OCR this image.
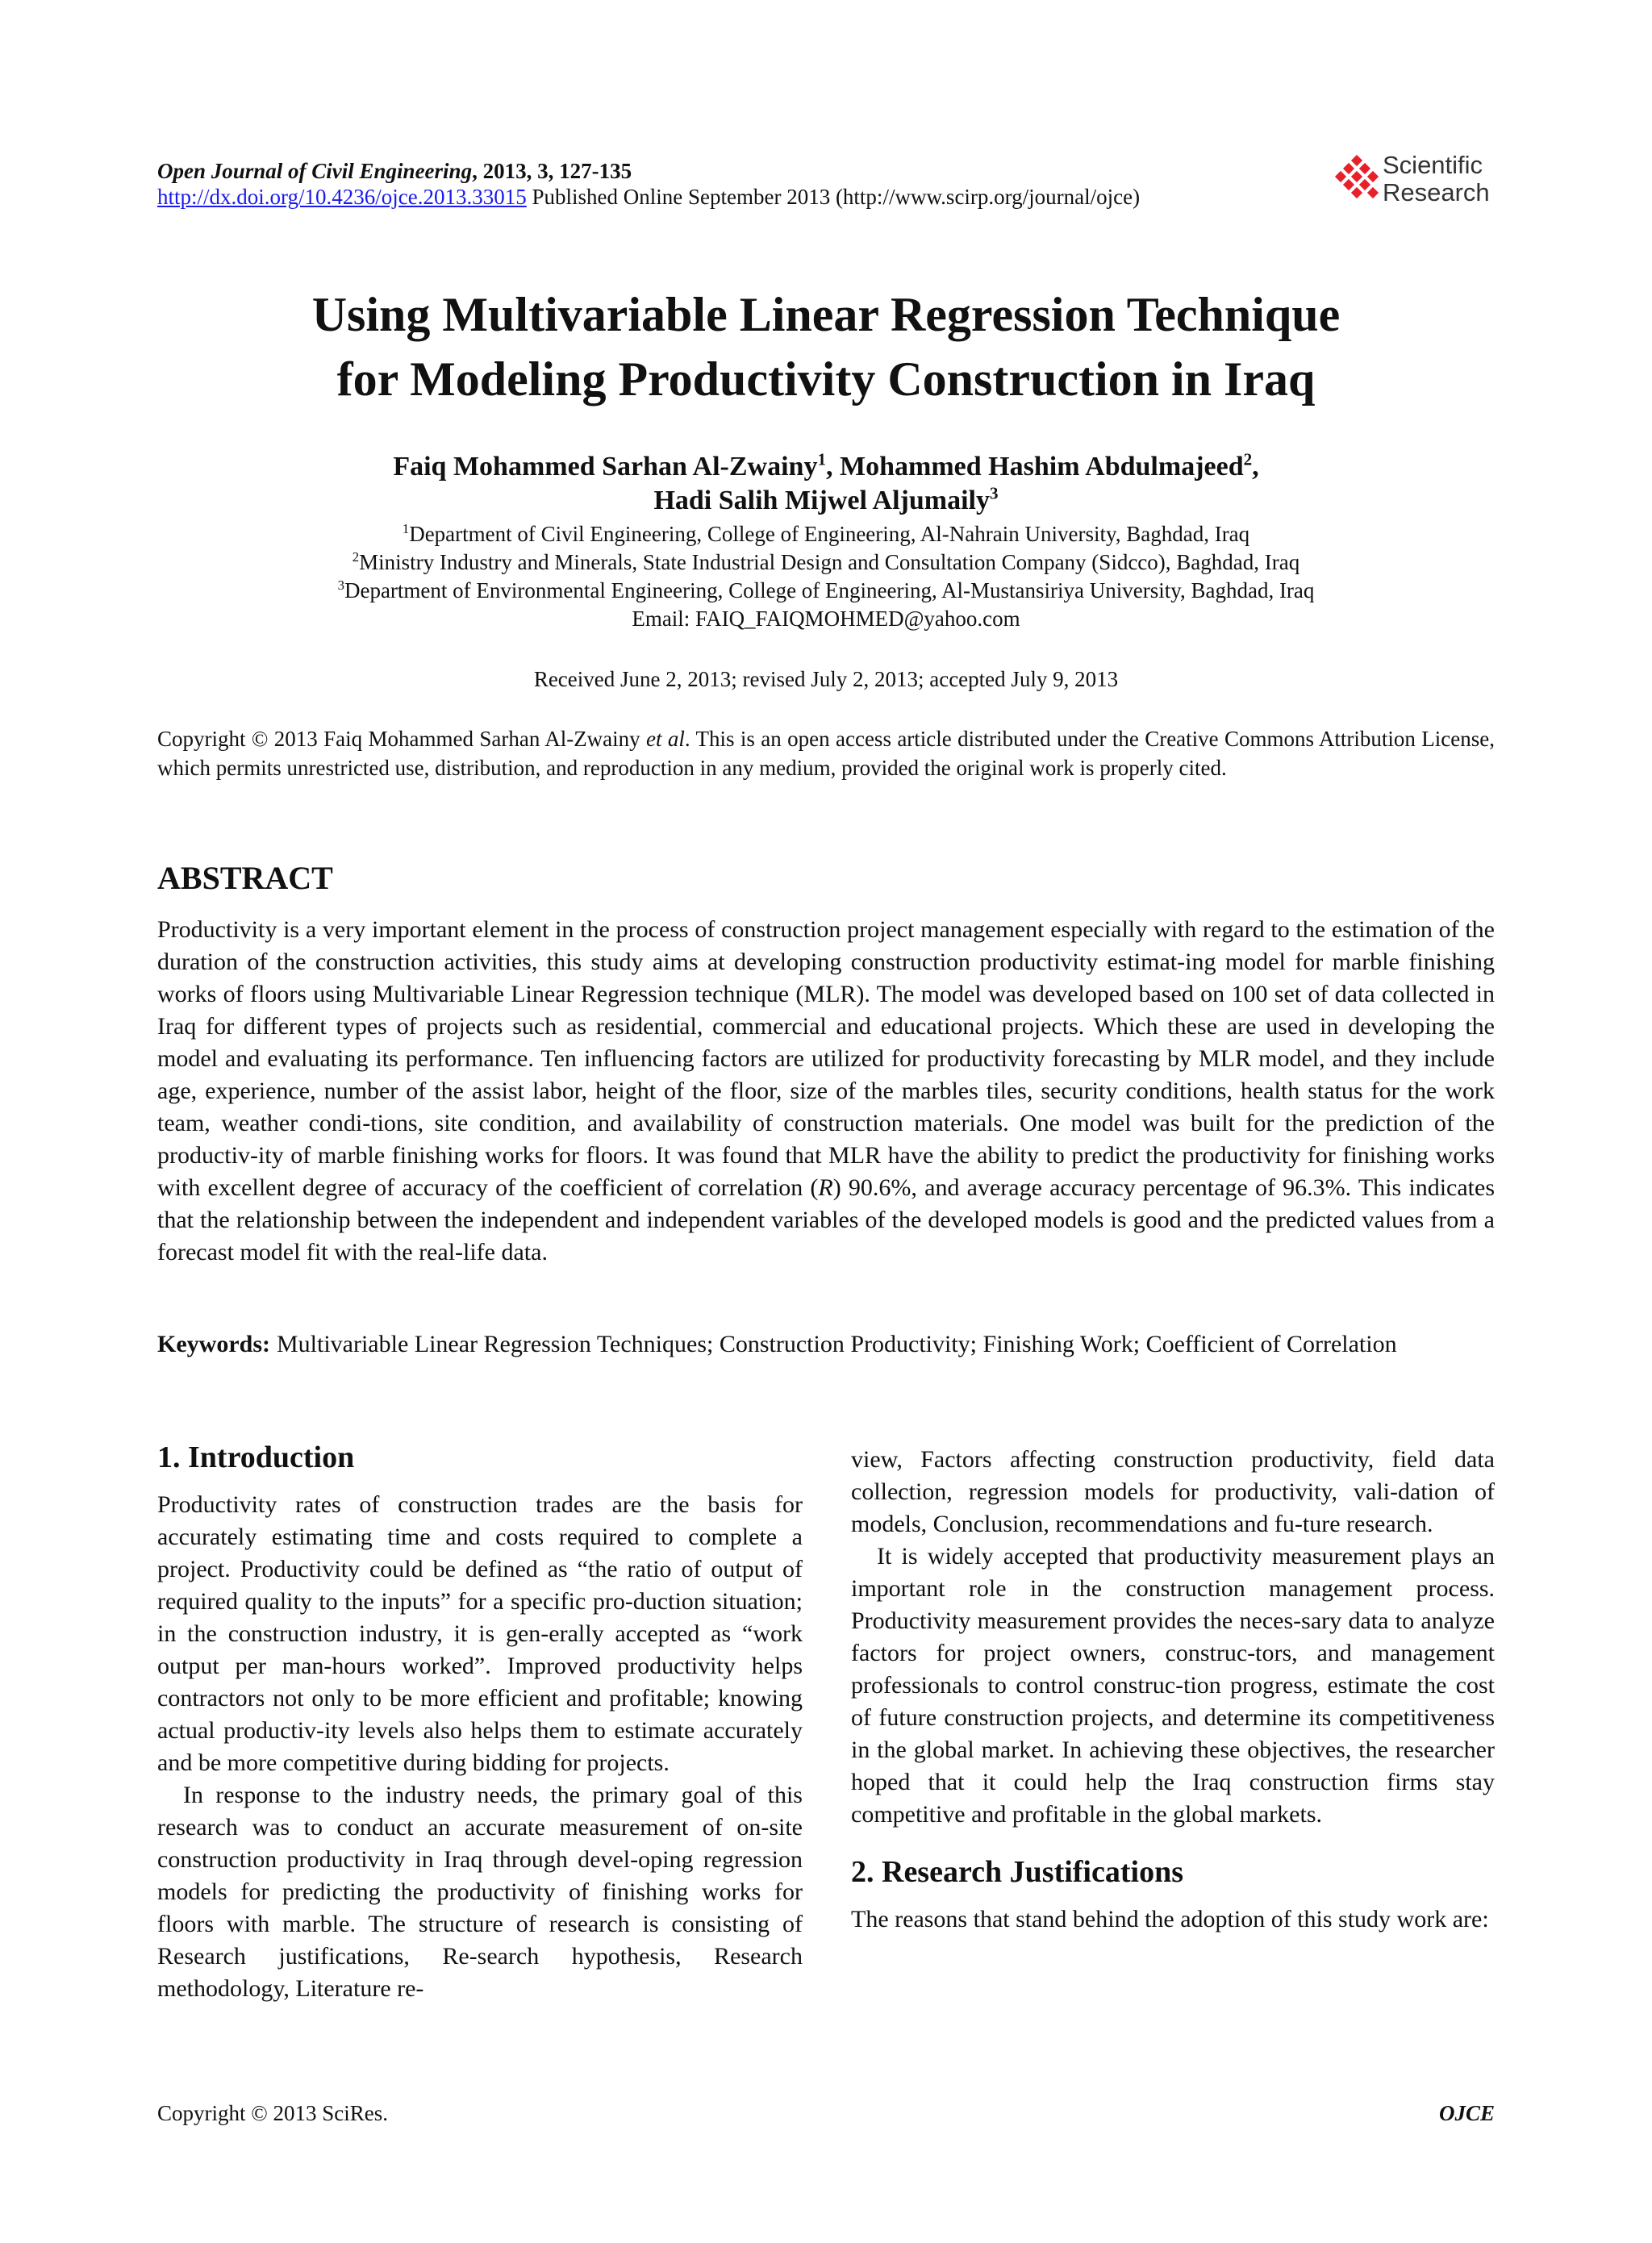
Open Journal of Civil Engineering, 2013, 3, 127-135
http://dx.doi.org/10.4236/ojce.2013.33015 Published Online September 2013 (http://www.scirp.org/journal/ojce)
Scientific
Research
Using Multivariable Linear Regression Technique
for Modeling Productivity Construction in Iraq
Faiq Mohammed Sarhan Al-Zwainy$^1$, Mohammed Hashim Abdulmajeed$^2$,
Hadi Salih Mijwel Aljumaily$^3$
$^1$Department of Civil Engineering, College of Engineering, Al-Nahrain University, Baghdad, Iraq
$^2$Ministry Industry and Minerals, State Industrial Design and Consultation Company (Sidcco), Baghdad, Iraq
$^3$Department of Environmental Engineering, College of Engineering, Al-Mustansiriya University, Baghdad, Iraq
Email: FAIQ_FAIQMOHMED@yahoo.com
Received June 2, 2013; revised July 2, 2013; accepted July 9, 2013
Copyright © 2013 Faiq Mohammed Sarhan Al-Zwainy et al. This is an open access article distributed under the Creative Commons Attribution License, which permits unrestricted use, distribution, and reproduction in any medium, provided the original work is properly cited.
ABSTRACT
Productivity is a very important element in the process of construction project management especially with regard to the estimation of the duration of the construction activities, this study aims at developing construction productivity estimat-ing model for marble finishing works of floors using Multivariable Linear Regression technique (MLR). The model was developed based on 100 set of data collected in Iraq for different types of projects such as residential, commercial and educational projects. Which these are used in developing the model and evaluating its performance. Ten influencing factors are utilized for productivity forecasting by MLR model, and they include age, experience, number of the assist labor, height of the floor, size of the marbles tiles, security conditions, health status for the work team, weather condi-tions, site condition, and availability of construction materials. One model was built for the prediction of the productiv-ity of marble finishing works for floors. It was found that MLR have the ability to predict the productivity for finishing works with excellent degree of accuracy of the coefficient of correlation (R) 90.6%, and average accuracy percentage of 96.3%. This indicates that the relationship between the independent and independent variables of the developed models is good and the predicted values from a forecast model fit with the real-life data.
Keywords: Multivariable Linear Regression Techniques; Construction Productivity; Finishing Work; Coefficient of Correlation
1. Introduction

Productivity rates of construction trades are the basis for accurately estimating time and costs required to complete a project. Productivity could be defined as “the ratio of output of required quality to the inputs” for a specific pro-duction situation; in the construction industry, it is gen-erally accepted as “work output per man-hours worked”. Improved productivity helps contractors not only to be more efficient and profitable; knowing actual productiv-ity levels also helps them to estimate accurately and be more competitive during bidding for projects.

In response to the industry needs, the primary goal of this research was to conduct an accurate measurement of on-site construction productivity in Iraq through devel-oping regression models for predicting the productivity of finishing works for floors with marble. The structure of research is consisting of Research justifications, Re-search hypothesis, Research methodology, Literature re-

view, Factors affecting construction productivity, field data collection, regression models for productivity, vali-dation of models, Conclusion, recommendations and fu-ture research.

It is widely accepted that productivity measurement plays an important role in the construction management process. Productivity measurement provides the neces-sary data to analyze factors for project owners, construc-tors, and management professionals to control construc-tion progress, estimate the cost of future construction projects, and determine its competitiveness in the global market. In achieving these objectives, the researcher hoped that it could help the Iraq construction firms stay competitive and profitable in the global markets.

2. Research Justifications

The reasons that stand behind the adoption of this study work are:

Copyright © 2013 SciRes.	OJCE
